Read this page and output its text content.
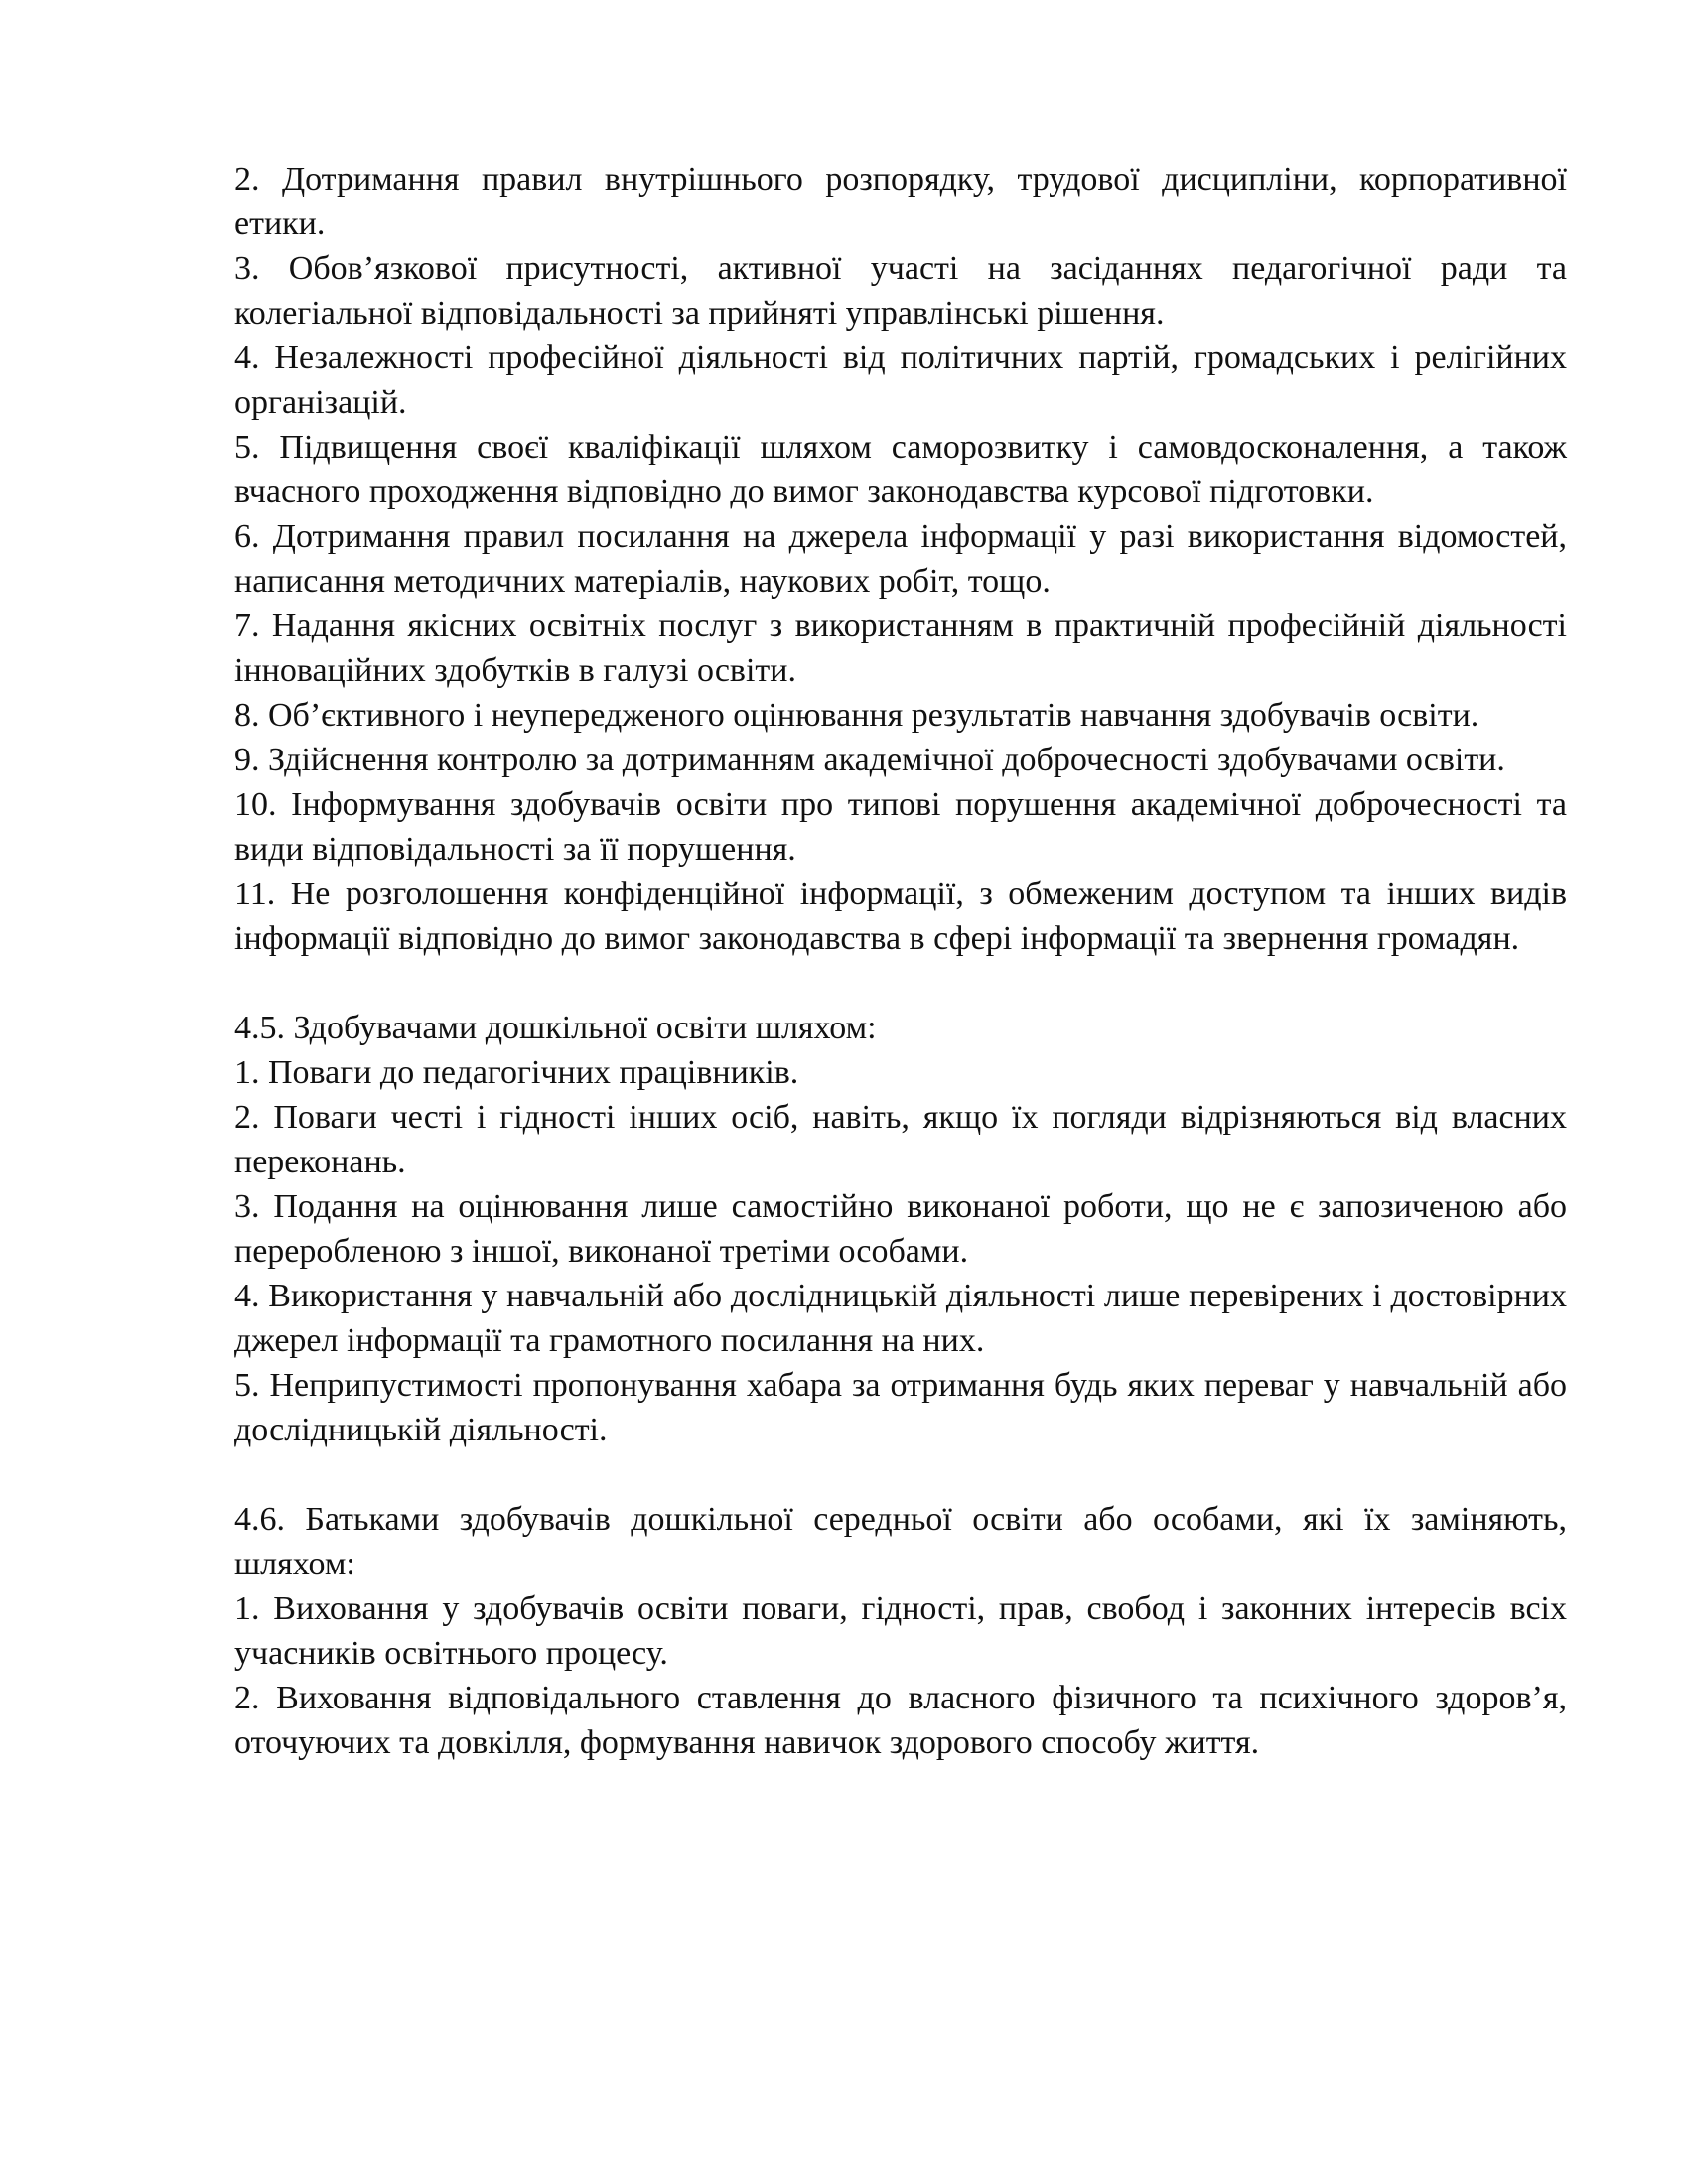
2. Дотримання правил внутрішнього розпорядку, трудової дисципліни, корпоративної етики.

3. Обов’язкової присутності, активної участі на засіданнях педагогічної ради та колегіальної відповідальності за прийняті управлінські рішення.

4. Незалежності професійної діяльності від політичних партій, громадських і релігійних організацій.

5. Підвищення своєї кваліфікації шляхом саморозвитку і самовдосконалення, а також вчасного проходження відповідно до вимог законодавства курсової підготовки.

6. Дотримання правил посилання на джерела інформації у разі використання відомостей, написання методичних матеріалів, наукових робіт, тощо.

7. Надання якісних освітніх послуг з використанням в практичній професійній діяльності інноваційних здобутків в галузі освіти.

8. Об’єктивного і неупередженого оцінювання результатів навчання здобувачів освіти.

9. Здійснення контролю за дотриманням академічної доброчесності здобувачами освіти.

10. Інформування здобувачів освіти про типові порушення академічної доброчесності та види відповідальності за її порушення.

11. Не розголошення конфіденційної інформації, з обмеженим доступом та інших видів інформації відповідно до вимог законодавства в сфері інформації та звернення громадян.

4.5. Здобувачами дошкільної освіти шляхом:

1. Поваги до педагогічних працівників.

2. Поваги честі і гідності інших осіб, навіть, якщо їх погляди відрізняються від власних переконань.

3. Подання на оцінювання лише самостійно виконаної роботи, що не є запозиченою або переробленою з іншої, виконаної третіми особами.

4. Використання у навчальній або дослідницькій діяльності лише перевірених і достовірних джерел інформації та грамотного посилання на них.

5. Неприпустимості пропонування хабара за отримання будь яких переваг у навчальній або дослідницькій діяльності.

4.6. Батьками здобувачів дошкільної середньої освіти або особами, які їх заміняють, шляхом:

1. Виховання у здобувачів освіти поваги, гідності, прав, свобод і законних інтересів всіх учасників освітнього процесу.

2. Виховання відповідального ставлення до власного фізичного та психічного здоров’я, оточуючих та довкілля, формування навичок здорового способу життя.
